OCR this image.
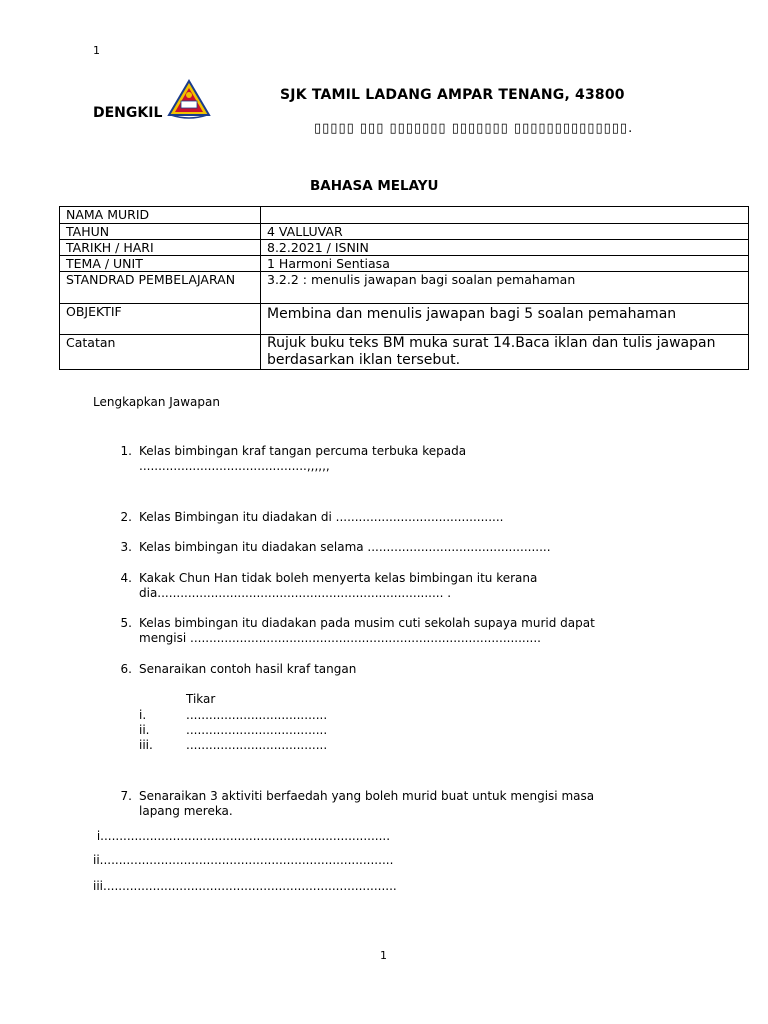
1
SJK TAMIL LADANG AMPAR TENANG, 43800
DENGKIL
▯▯▯▯▯ ▯▯▯ ▯▯▯▯▯▯▯ ▯▯▯▯▯▯▯ ▯▯▯▯▯▯▯▯▯▯▯▯▯▯.
BAHASA MELAYU
NAMA MURID	
TAHUN	4 VALLUVAR
TARIKH / HARI	8.2.2021 / ISNIN
TEMA / UNIT	1 Harmoni Sentiasa
STANDRAD PEMBELAJARAN	3.2.2 : menulis jawapan bagi soalan pemahaman
OBJEKTIF	Membina dan menulis jawapan bagi 5 soalan pemahaman
Catatan	Rujuk buku teks BM muka surat 14.Baca iklan dan tulis jawapan berdasarkan iklan tersebut.
Lengkapkan Jawapan
1. Kelas bimbingan kraf tangan percuma terbuka kepada
............................................,,,,,,
2. Kelas Bimbingan itu diadakan di ............................................
3. Kelas bimbingan itu diadakan selama ................................................
4. Kakak Chun Han tidak boleh menyerta kelas bimbingan itu kerana
dia........................................................................... .
5. Kelas bimbingan itu diadakan pada musim cuti sekolah supaya murid dapat
mengisi ............................................................................................
6. Senaraikan contoh hasil kraf tangan
Tikar
i.	.....................................
ii.	.....................................
iii.	.....................................
7. Senaraikan 3 aktiviti berfaedah yang boleh murid buat untuk mengisi masa
lapang mereka.
i............................................................................
ii.............................................................................
iii.............................................................................
1
